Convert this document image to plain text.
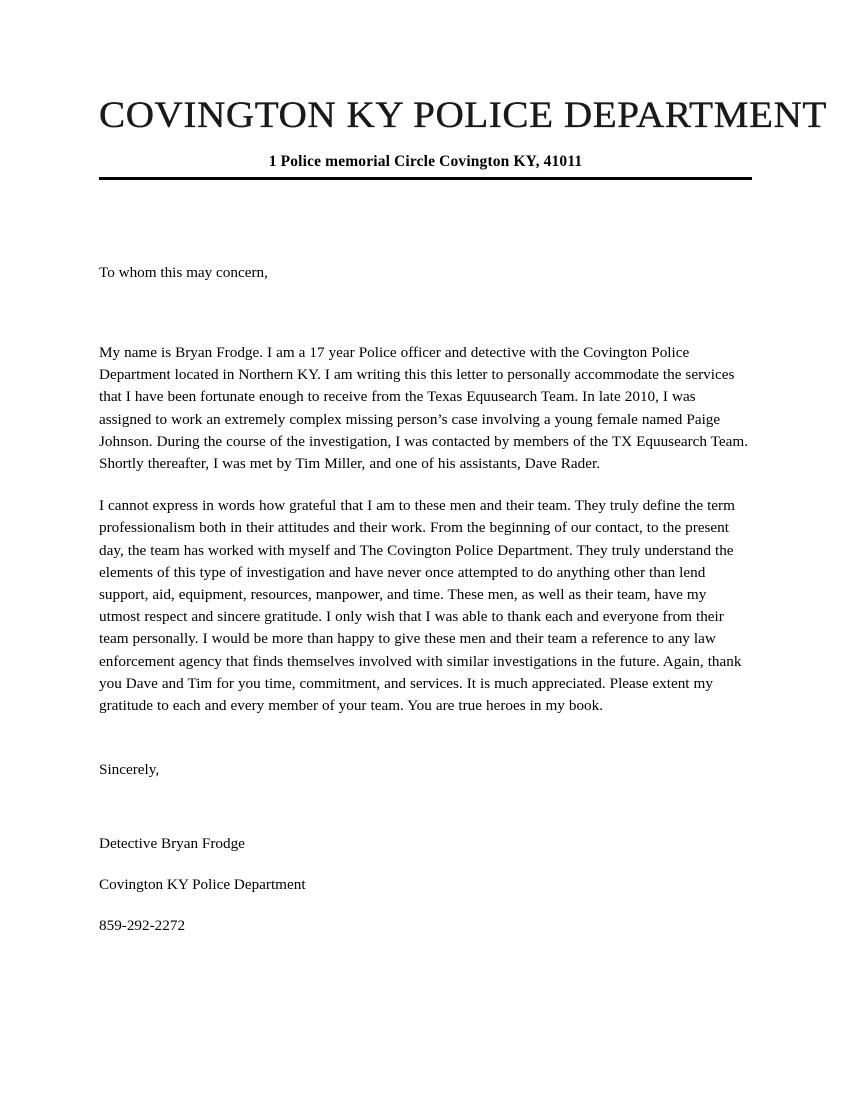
COVINGTON KY POLICE DEPARTMENT
1 Police memorial Circle Covington KY, 41011

To whom this may concern,

My name is Bryan Frodge. I am a 17 year Police officer and detective with the Covington Police Department located in Northern KY. I am writing this this letter to personally accommodate the services that I have been fortunate enough to receive from the Texas Equusearch Team. In late 2010, I was assigned to work an extremely complex missing person’s case involving a young female named Paige Johnson. During the course of the investigation, I was contacted by members of the TX Equusearch Team. Shortly thereafter, I was met by Tim Miller, and one of his assistants, Dave Rader.

I cannot express in words how grateful that I am to these men and their team. They truly define the term professionalism both in their attitudes and their work. From the beginning of our contact, to the present day, the team has worked with myself and The Covington Police Department. They truly understand the elements of this type of investigation and have never once attempted to do anything other than lend support, aid, equipment, resources, manpower, and time. These men, as well as their team, have my utmost respect and sincere gratitude. I only wish that I was able to thank each and everyone from their team personally. I would be more than happy to give these men and their team a reference to any law enforcement agency that finds themselves involved with similar investigations in the future. Again, thank you Dave and Tim for you time, commitment, and services. It is much appreciated. Please extent my gratitude to each and every member of your team. You are true heroes in my book.

Sincerely,

Detective Bryan Frodge

Covington KY Police Department

859-292-2272
